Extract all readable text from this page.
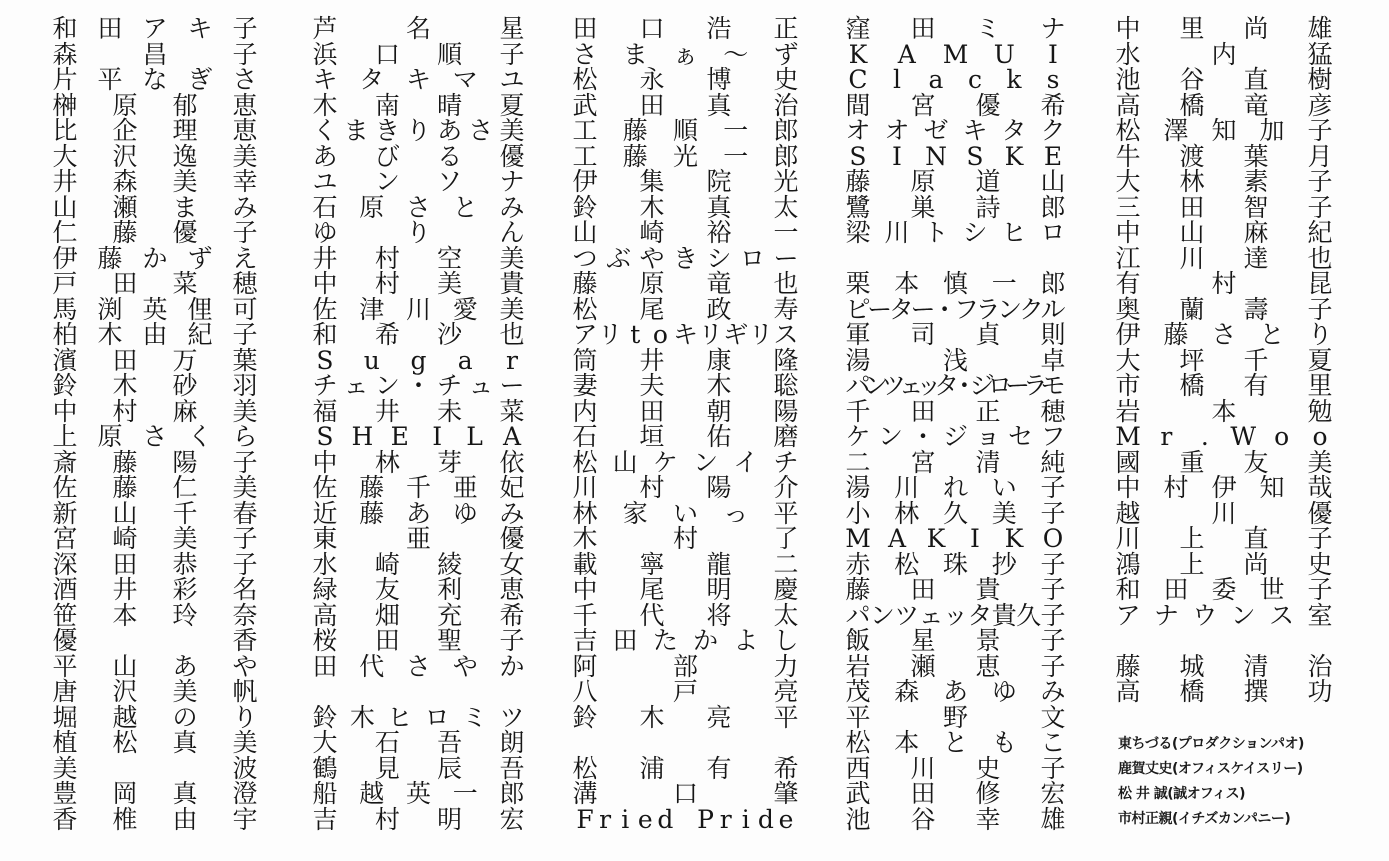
中 里 尚 雄
水	内	猛
池 谷 直 樹
高 橋 竜 彦
松 澤 知 加 子
牛 渡 葉 月
大 林 素 子
三 田 智 子
中 山 麻 紀
江 川 達 也
有	村	昆
奥 蘭 壽 子
伊 藤 さ と り
大 坪 千 夏
市 橋 有 里
岩	本	勉
M r	. W o o
國 重 友 美
中 村 伊 知 哉
越	川	優
川 上 直 子
鴻 上 尚 史
和 田 委 世 子
ア ナ ウ ン ス 室
藤 城 清 治
高 橋 撰 功
窪 田 ミ ナ
K A M U	I
C	l	a c k	s
間 宮 優 希
オ オ ゼ キ タ ク
S	I N S K E
藤 原 道 山
鷺 巣 詩 郎
梁 川 ト シ ヒ ロ
栗 本 慎 一 郎
ピ
ー
タ
ー
・
フ
ラ
ン
ク
ル
軍 司 貞 則
湯	浅	卓
パ
ン
ツ
ェ
ッ
タ
・
ジ
ロ
ー
ラ
モ
千 田 正 穂
ケ ン ・ ジ ョ セ フ
二 宮 清 純
湯 川 れ い 子
小 林 久 美 子
M A K I K O
赤 松 珠 抄 子
藤 田 貴 子
パ ン ツ ェ ッ タ 貴 久 子
飯 星 景 子
岩 瀬 恵 子
茂 森 あ ゆ み
平	野	文
松 本 と も こ
西 川 史 子
武 田 修 宏
池 谷 幸 雄
田 口 浩 正
さ ま ぁ ～ ず
松 永 博 史
武 田 真 治
工 藤 順 一 郎
工 藤 光 一 郎
伊 集 院 光
鈴 木 真 太
山 崎 裕 一
つ ぶ や き シ ロ ー
藤 原 竜 也
松 尾 政 寿
ア リ t o キ リ ギ リ ス
筒 井 康 隆
妻 夫 木 聡
内 田 朝 陽
石 垣 佑 磨
松 山 ケ ン イ チ
川 村 陽 介
林 家 い っ 平
木	村	了
載 寧 龍 二
中 尾 明 慶
千 代 将 太
吉 田 た か よ し
阿	部	力
八	戸	亮
鈴 木 亮 平
松 浦 有 希
溝	口	肇
F r i e d P r i d e
芦	名	星
浜 口 順 子
キ タ キ マ ユ
木 南 晴 夏
く ま き り あ さ 美
あ び る 優
ユ ン ソ ナ
石 原 さ と み
ゆ	り	ん
井 村 空 美
中 村 美 貴
佐 津 川 愛 美
和 希 沙 也
S u g	a	r
チ ェ ン ・ チ ュ ー
福 井 未 菜
S H E I L A
中 林 芽 依
佐 藤 千 亜 妃
近 藤 あ ゆ み
東	亜	優
水 崎 綾 女
緑 友 利 恵
高 畑 充 希
桜 田 聖 子
田 代 さ や か
鈴 木 ヒ ロ ミ ツ
大 石 吾 朗
鶴 見 辰 吾
船 越 英 一 郎
吉 村 明 宏
和 田 ア キ 子
森	昌	子
片 平 な ぎ さ
榊 原 郁 恵
比 企 理 恵
大 沢 逸 美
井 森 美 幸
山 瀬 ま み
仁 藤 優 子
伊 藤 か ず え
戸 田 菜 穂
馬 渕 英 俚 可
柏 木 由 紀 子
濱 田 万 葉
鈴 木 砂 羽
中 村 麻 美
上 原 さ く ら
斎 藤 陽 子
佐 藤 仁 美
新 山 千 春
宮 崎 美 子
深 田 恭 子
酒 井 彩 名
笹 本 玲 奈
優	香
平 山 あ や
唐 沢 美 帆
堀 越 の り
植 松 真 美
美	波
豊 岡 真 澄
香 椎 由 宇
東ちづる(プロダクションパオ)
鹿賀丈史(オフィスケイスリー)
松 井 誠(誠オフィス)
市村正親(イチズカンパニー)
